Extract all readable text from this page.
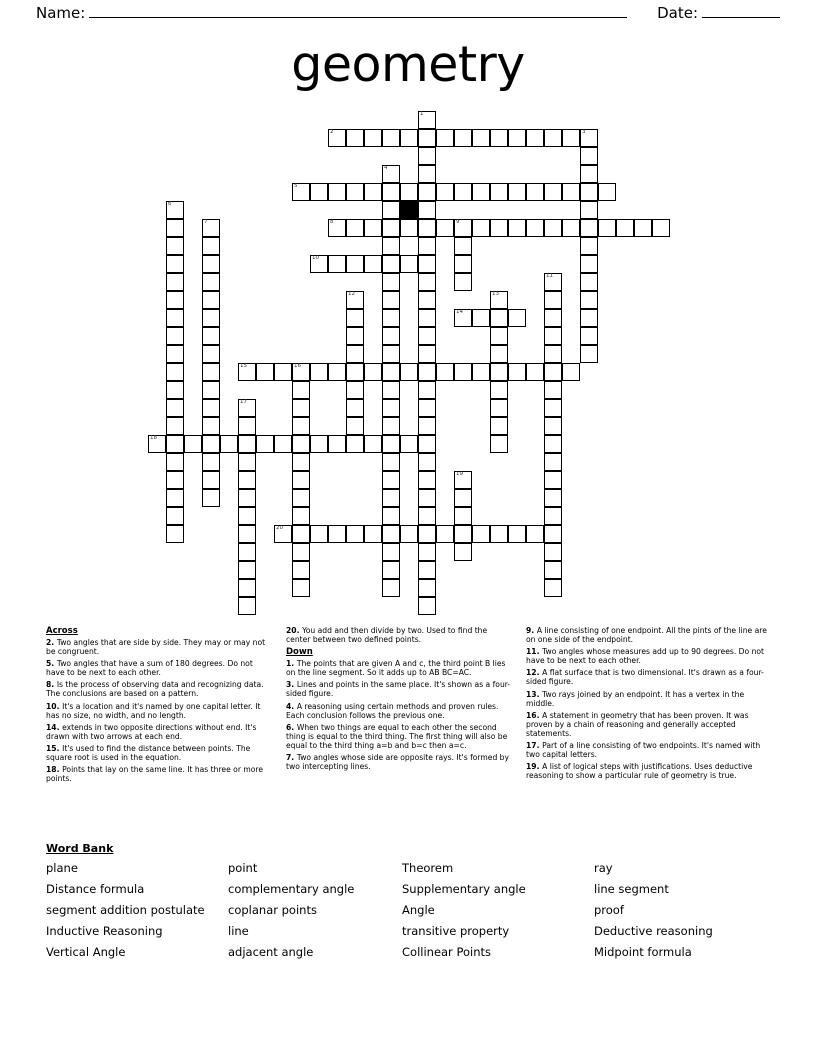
Name:	Date:
geometry
1
2	3
4
5
6
7	8	9
10
11
12	13
14
15	16
17
18
19
20
Across

2. Two angles that are side by side. They may or may not be congruent.

5. Two angles that have a sum of 180 degrees. Do not have to be next to each other.

8. Is the process of observing data and recognizing data. The conclusions are based on a pattern.

10. It's a location and it's named by one capital letter. It has no size, no width, and no length.

14. extends in two opposite directions without end. It's drawn with two arrows at each end.

15. It's used to find the distance between points. The square root is used in the equation.

18. Points that lay on the same line. It has three or more points.

20. You add and then divide by two. Used to find the center between two defined points.

Down

1. The points that are given A and c, the third point B lies on the line segment. So it adds up to AB BC=AC.

3. Lines and points in the same place. It's shown as a four-sided figure.

4. A reasoning using certain methods and proven rules. Each conclusion follows the previous one.

6. When two things are equal to each other the second thing is equal to the third thing. The first thing will also be equal to the third thing a=b and b=c then a=c.

7. Two angles whose side are opposite rays. It's formed by two intercepting lines.

9. A line consisting of one endpoint. All the pints of the line are on one side of the endpoint.

11. Two angles whose measures add up to 90 degrees. Do not have to be next to each other.

12. A flat surface that is two dimensional. It's drawn as a four-sided figure.

13. Two rays joined by an endpoint. It has a vertex in the middle.

16. A statement in geometry that has been proven. It was proven by a chain of reasoning and generally accepted statements.

17. Part of a line consisting of two endpoints. It's named with two capital letters.

19. A list of logical steps with justifications. Uses deductive reasoning to show a particular rule of geometry is true.

Word Bank
plane	point	Theorem	ray
Distance formula	complementary angle	Supplementary angle	line segment
segment addition postulate	coplanar points	Angle	proof
Inductive Reasoning	line	transitive property	Deductive reasoning
Vertical Angle	adjacent angle	Collinear Points	Midpoint formula
